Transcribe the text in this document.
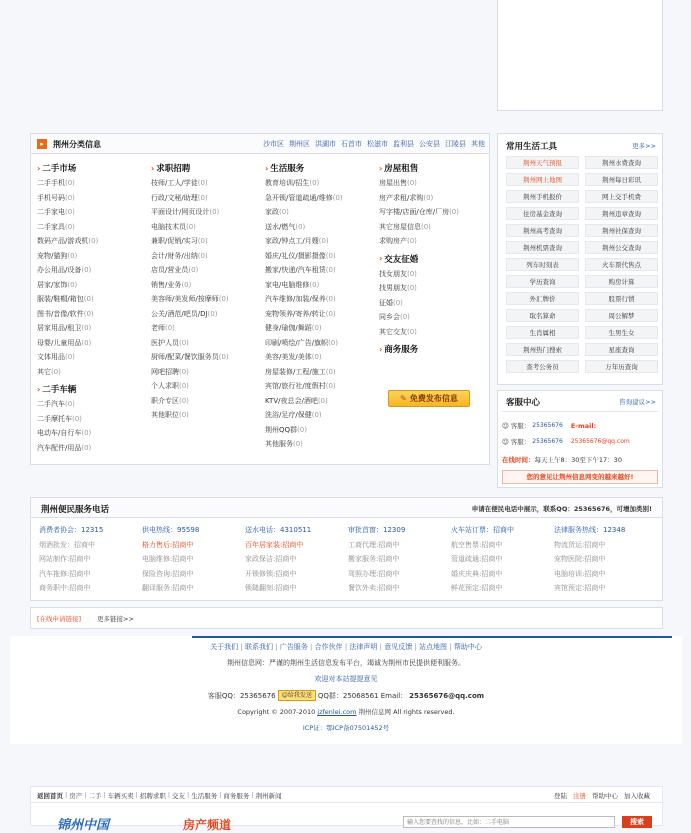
▸	荆州分类信息	沙市区 荆州区 洪湖市 石首市 松滋市 监利县 公安县 江陵县 其他
› 二手市场
二手手机(0)
手机号码(0)
二手家电(0)
二手家具(0)
数码产品/游戏机(0)
宠物/猫狗(0)
办公用品/设备(0)
居家/家饰(0)
服装/鞋帽/箱包(0)
图书/音像/软件(0)
居家用品/租卫(0)
母婴/儿童用品(0)
文体用品(0)
其它(0)
› 二手车辆
二手汽车(0)
二手摩托车(0)
电动车/自行车(0)
汽车配件/用品(0)
› 求职招聘
技师/工人/学徒(0)
行政/文秘/助理(0)
平面设计/网页设计(0)
电脑技术员(0)
兼职/促销/实习(0)
会计/财务/出纳(0)
店员/营业员(0)
销售/业务(0)
美容师/美发师/按摩师(0)
公关/酒范/吧员/DJ(0)
老师(0)
医护人员(0)
厨师/配菜/餐饮服务员(0)
网吧招聘(0)
个人求职(0)
职介专区(0)
其他职位(0)
› 生活服务
教育培训/招生(0)
急开锁/管道疏通/维修(0)
家政(0)
送水/燃气(0)
家政/钟点工/月嫂(0)
婚庆/礼仪/摄影摄像(0)
搬家/快递/汽车租赁(0)
家电/电脑维修(0)
汽车维修/加装/保养(0)
宠物领养/寄养/转让(0)
健身/瑜伽/舞蹈(0)
印刷/喷绘/广告/旗帜(0)
美容/美发/美体(0)
房屋装修/工程/施工(0)
宾馆/旅行社/度假村(0)
KTV/夜总会/酒吧(0)
洗浴/足疗/保健(0)
荆州QQ群(0)
其他服务(0)
› 房屋租售
房屋出售(0)
房产求租/求购(0)
写字楼/店面/仓库/厂房(0)
其它房屋信息(0)
求购房产(0)
› 交友征婚
找女朋友(0)
找男朋友(0)
征婚(0)
同乡会(0)
其它交友(0)
› 商务服务
✎ 免费发布信息
常用生活工具	更多>>
荆州天气预报	荆州水费查询
荆州网上地图	荆州每日彩讯
荆州手机报价	网上交手机费
住房基金查询	荆州违章查询
荆州高考查询	荆州社保查询
荆州机票查询	荆州公交查询
列车时刻表	火车票代售点
学历查询	购房计算
外汇牌价	股票行情
取名算命	周公解梦
生肖属相	生男生女
荆州热门搜索	星座查询
查考公务员	万年历查询
客服中心	咨询建议>>
☺ 客服： 25365676 E-mail:
☺ 客服： 25365676 25365676@qq.com
在线时间：每天上午8：30至下午17：30
您的意见让荆州信息网变的越来越好!
荆州便民服务电话	申请在便民电话中展示，联系QQ：25365676，可增加类别!
消费者协会：12315	供电热线：95598	送水电话：4310511	审批首窗：12309	火车站订票：招商中	法律服务热线：12348
烟酒批发：招商中	格力售后:招商中	百年居家装:招商中	工商代理:招商中	航空售票:招商中	物流货运:招商中
网站制作:招商中	电脑维修:招商中	家政保洁:招商中	搬家服务:招商中	管道疏通:招商中	宠物医院:招商中
汽车拖修:招商中	保险咨询:招商中	开锁修锁:招商中	驾照办理:招商中	婚庆庆典:招商中	电脑培训:招商中
商务职中:招商中	翻译服务:招商中	锁鎚翻刻:招商中	餐饮外卖:招商中	鲜花预定:招商中	宾馆预定:招商中
[在线申请链接] 更多链接>>
关于我们 | 联系我们 | 广告服务 | 合作伙伴 | 法律声明 | 意见反馈 | 站点地图 | 帮助中心
荆州信息网：严谨的荆州生活信息发布平台，竭诚为荆州市民提供便利服务。
欢迎对本站提提意见
客服QQ：25365676	☺给我发送 QQ群：25068561 Email： 25365676@qq.com
Copyright © 2007-2010 jzfenlei.com 荆州信息网 All rights reserved.
ICP证：鄂ICP备07501452号
返回首页 | 房产 | 二手 | 车辆买卖 | 招聘求职 | 交友 | 生活服务 | 商务服务 | 荆州新闻	登陆 注册 帮助中心 加入收藏
锦州中国	房产频道
输入您要查找的信息，比如：二手电脑	搜索
